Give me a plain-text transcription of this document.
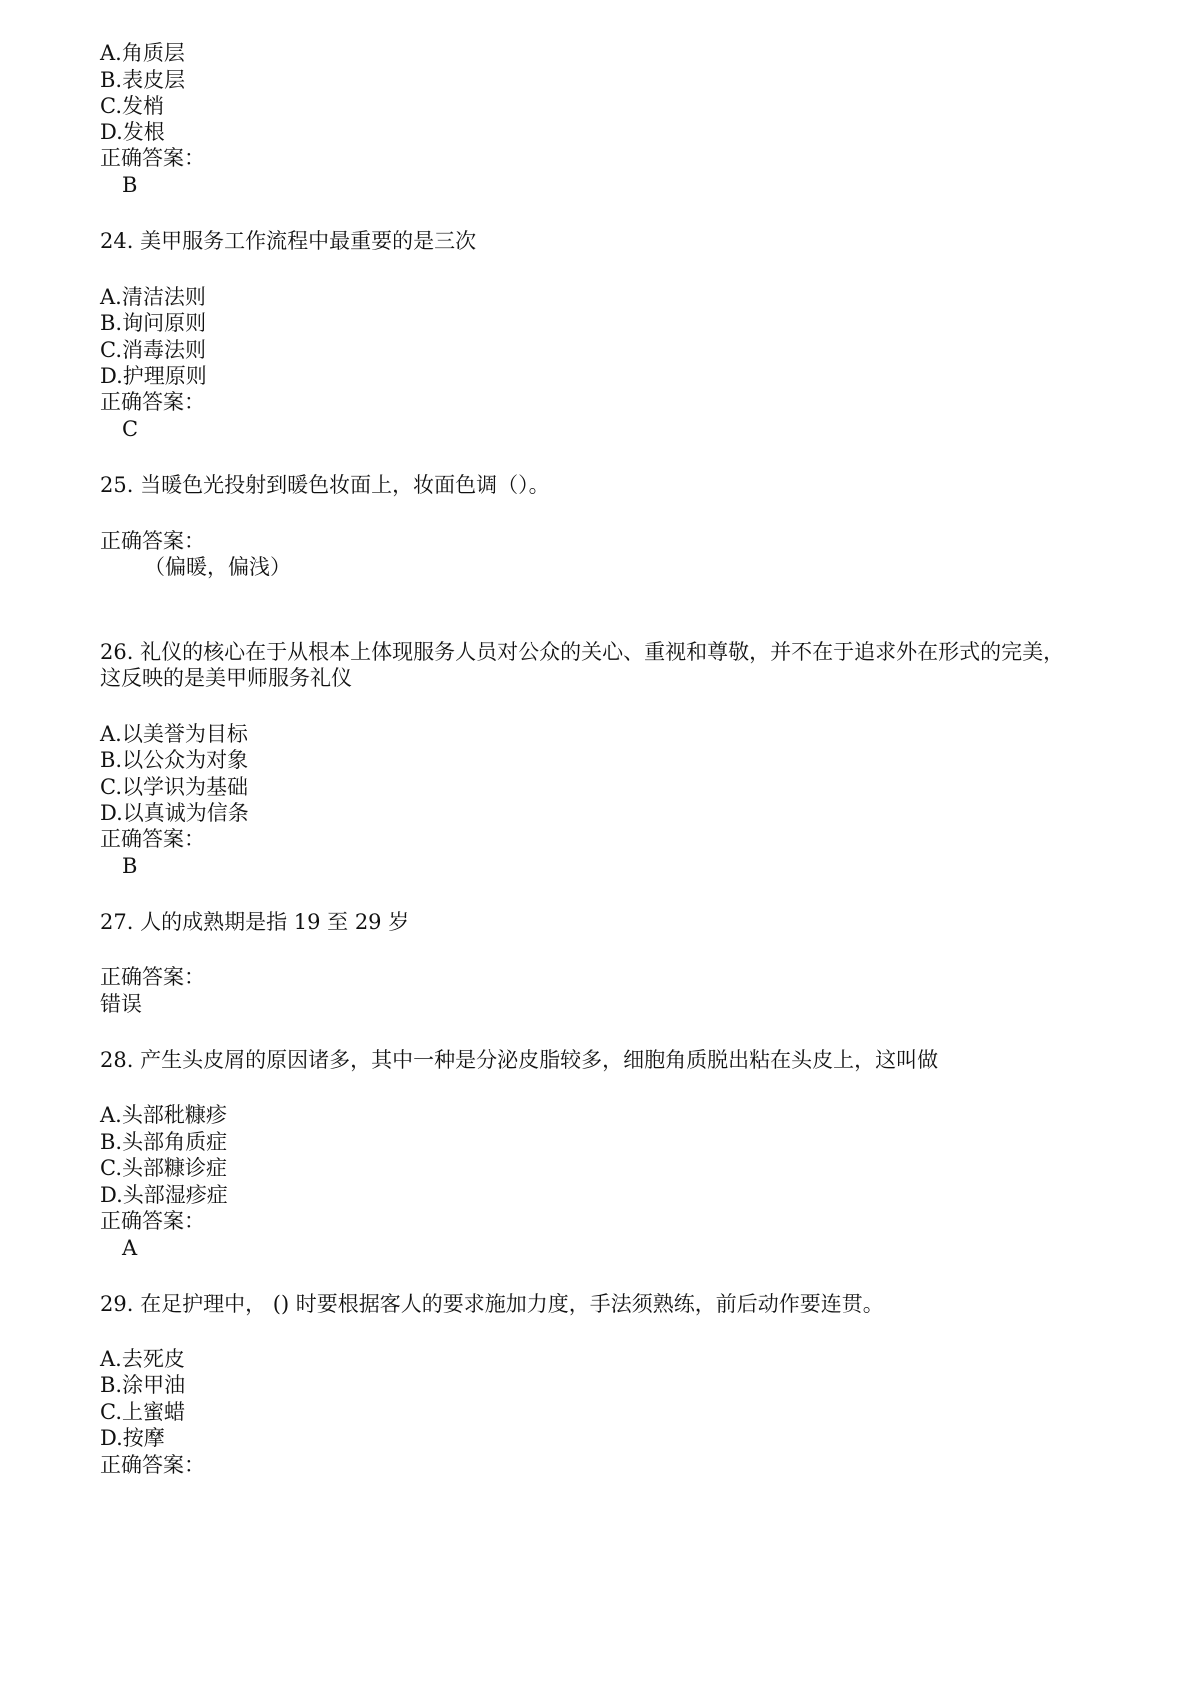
A.角质层
B.表皮层
C.发梢
D.发根
正确答案：
B
24. 美甲服务工作流程中最重要的是三次
A.清洁法则
B.询问原则
C.消毒法则
D.护理原则
正确答案：
C
25. 当暖色光投射到暖色妆面上，妆面色调（）。
正确答案：
（偏暖，偏浅）
26. 礼仪的核心在于从根本上体现服务人员对公众的关心、重视和尊敬，并不在于追求外在形式的完美，
这反映的是美甲师服务礼仪
A.以美誉为目标
B.以公众为对象
C.以学识为基础
D.以真诚为信条
正确答案：
B
27. 人的成熟期是指 19 至 29 岁
正确答案：
错误
28. 产生头皮屑的原因诸多，其中一种是分泌皮脂较多，细胞角质脱出粘在头皮上，这叫做
A.头部秕糠疹
B.头部角质症
C.头部糠诊症
D.头部湿疹症
正确答案：
A
29. 在足护理中， () 时要根据客人的要求施加力度，手法须熟练，前后动作要连贯。
A.去死皮
B.涂甲油
C.上蜜蜡
D.按摩
正确答案：
